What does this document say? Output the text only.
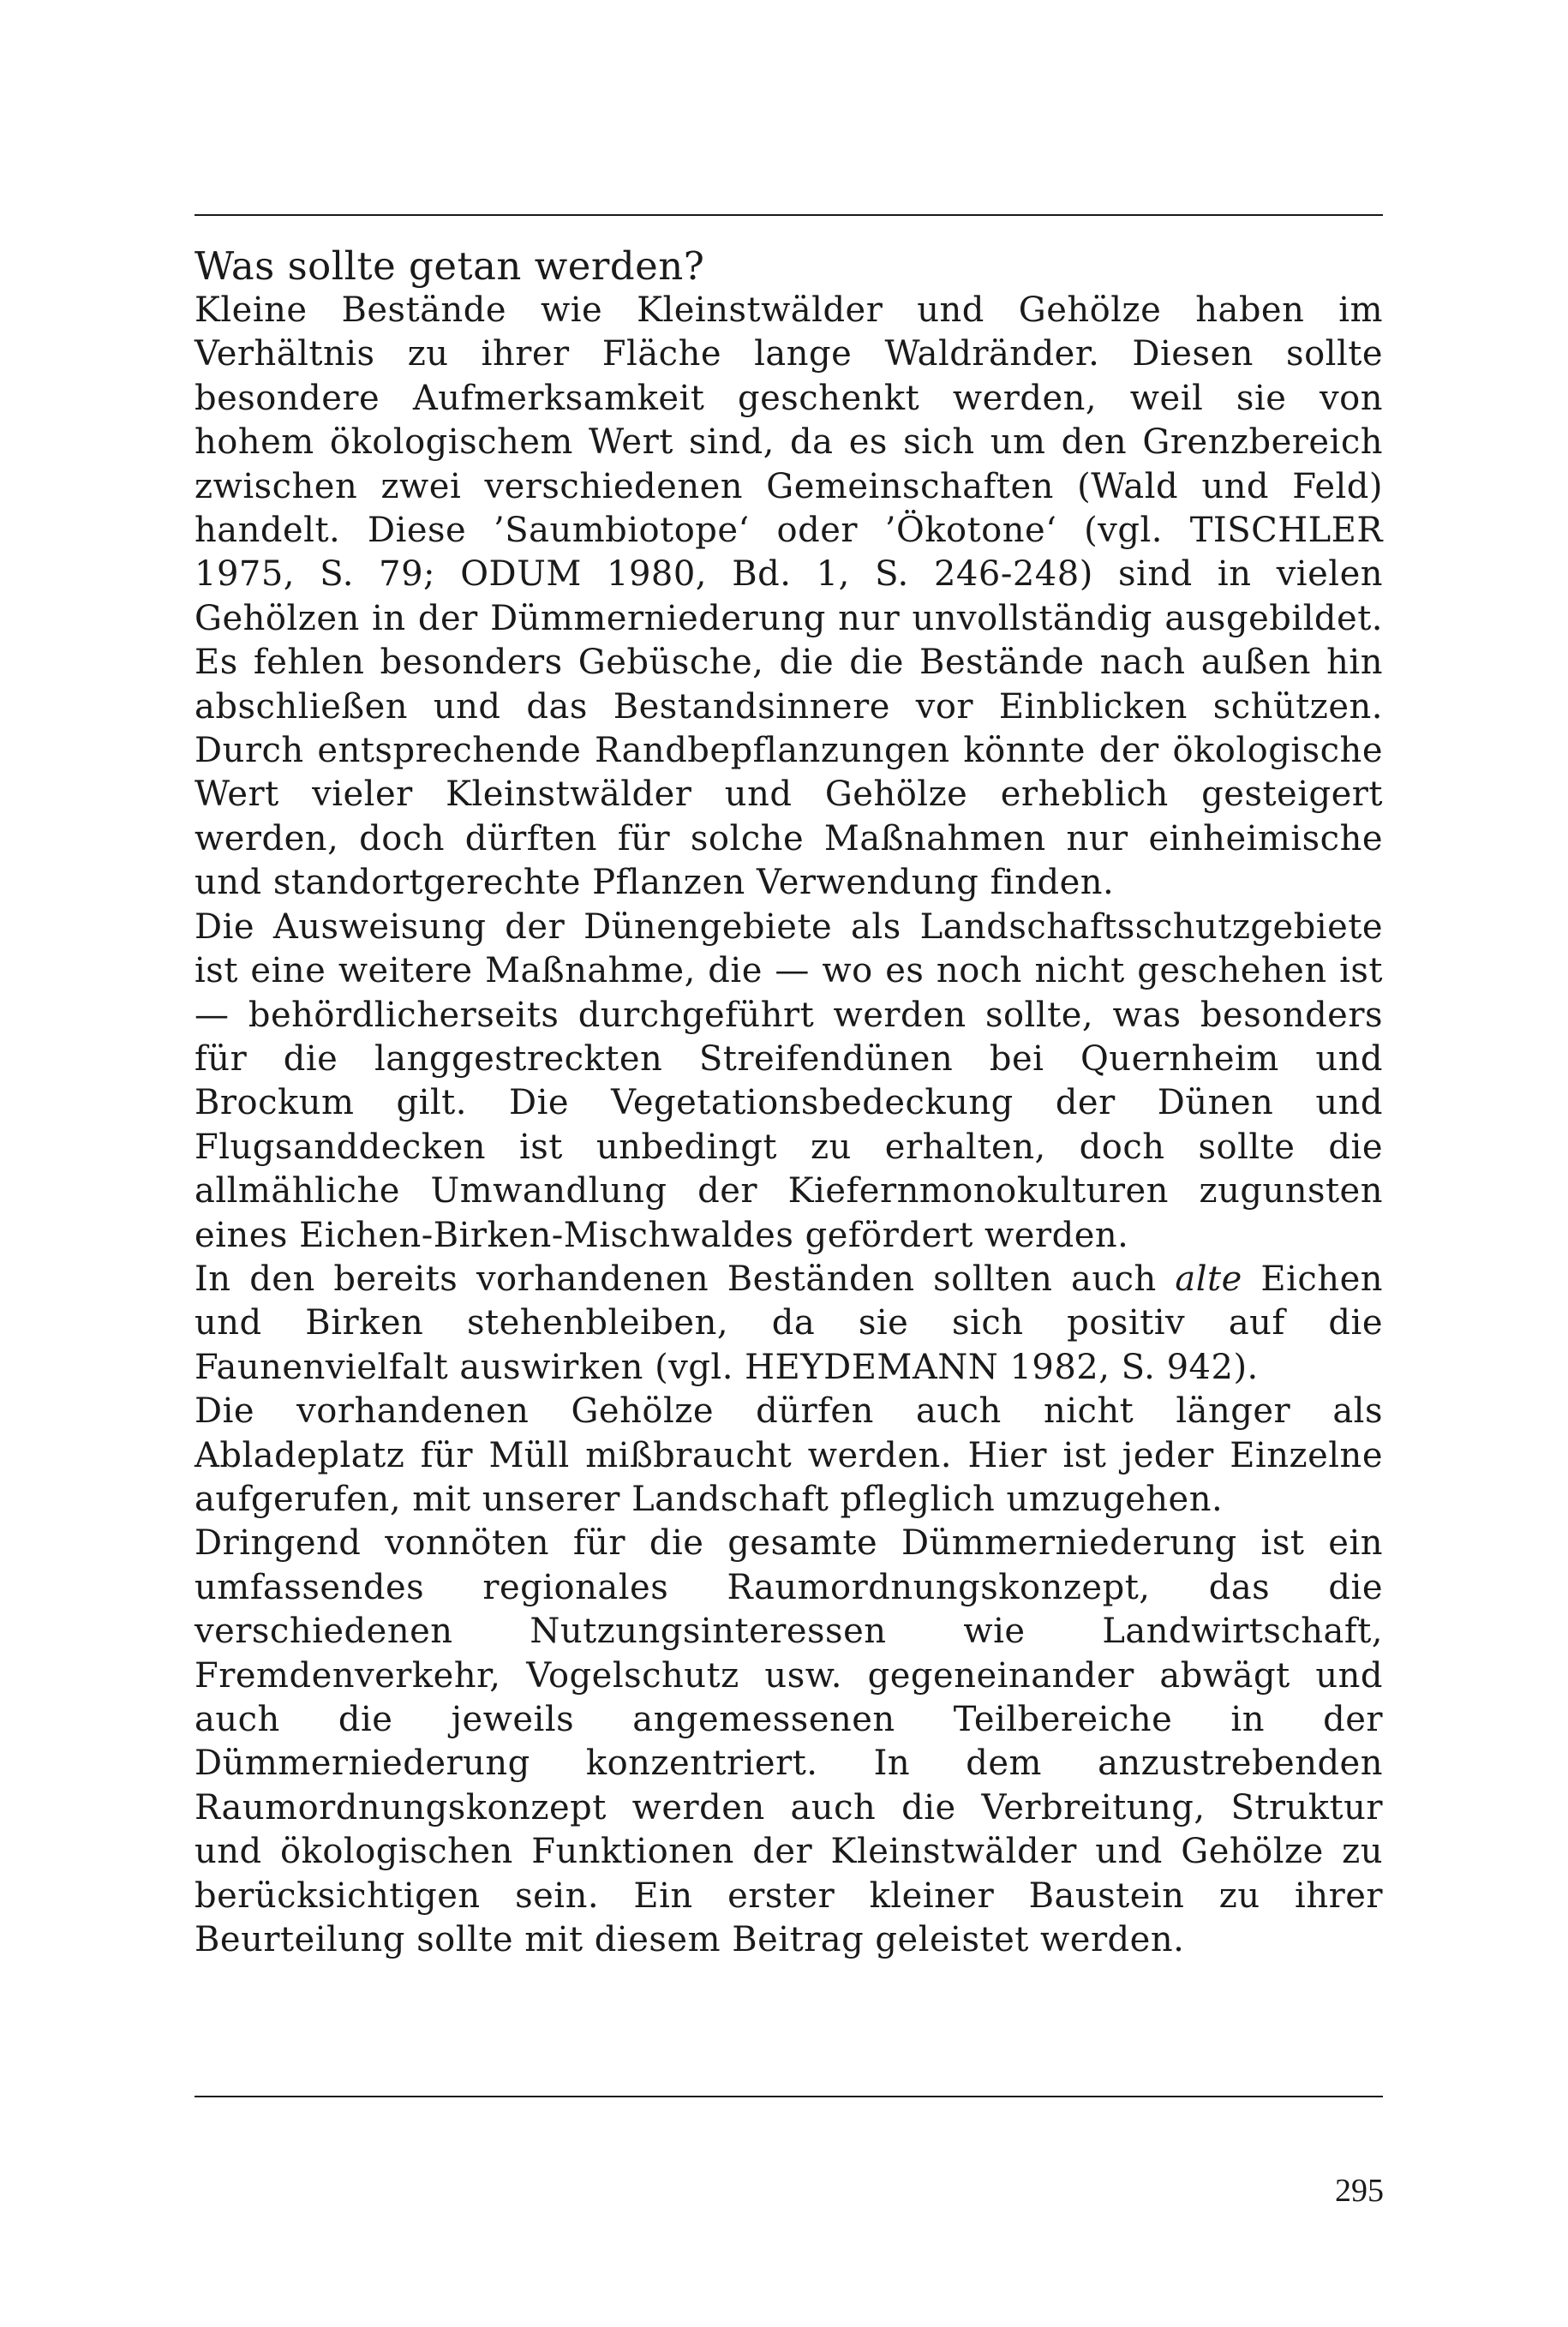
Was sollte getan werden?

Kleine Bestände wie Kleinstwälder und Gehölze haben im Verhältnis zu ihrer Fläche lange Waldränder. Diesen sollte besondere Aufmerksamkeit geschenkt werden, weil sie von hohem ökologischem Wert sind, da es sich um den Grenzbereich zwischen zwei verschiedenen Gemeinschaften (Wald und Feld) handelt. Diese ’Saumbiotope‘ oder ’Ökotone‘ (vgl. TISCHLER 1975, S. 79; ODUM 1980, Bd. 1, S. 246-248) sind in vielen Gehölzen in der Dümmerniederung nur unvollständig ausgebildet. Es fehlen besonders Gebüsche, die die Bestände nach außen hin abschließen und das Bestandsinnere vor Einblicken schützen. Durch entsprechende Randbepflanzungen könnte der ökologische Wert vieler Kleinstwälder und Gehölze erheblich gesteigert werden, doch dürften für solche Maßnahmen nur einheimische und standortgerechte Pflanzen Verwendung finden.

Die Ausweisung der Dünengebiete als Landschaftsschutzgebiete ist eine weitere Maßnahme, die — wo es noch nicht geschehen ist — behördlicherseits durchgeführt werden sollte, was besonders für die langgestreckten Streifendünen bei Quernheim und Brockum gilt. Die Vegetationsbedeckung der Dünen und Flugsanddecken ist unbedingt zu erhalten, doch sollte die allmähliche Umwandlung der Kiefernmonokulturen zugunsten eines Eichen-Birken-Mischwaldes gefördert werden.

In den bereits vorhandenen Beständen sollten auch alte Eichen und Birken stehenbleiben, da sie sich positiv auf die Faunenvielfalt auswirken (vgl. HEYDEMANN 1982, S. 942).

Die vorhandenen Gehölze dürfen auch nicht länger als Abladeplatz für Müll mißbraucht werden. Hier ist jeder Einzelne aufgerufen, mit unserer Landschaft pfleglich umzugehen.

Dringend vonnöten für die gesamte Dümmerniederung ist ein umfassendes regionales Raumordnungskonzept, das die verschiedenen Nutzungsinteressen wie Landwirtschaft, Fremdenverkehr, Vogelschutz usw. gegeneinander abwägt und auch die jeweils angemessenen Teilbereiche in der Dümmerniederung konzentriert. In dem anzustrebenden Raumordnungskonzept werden auch die Verbreitung, Struktur und ökologischen Funktionen der Kleinstwälder und Gehölze zu berücksichtigen sein. Ein erster kleiner Baustein zu ihrer Beurteilung sollte mit diesem Beitrag geleistet werden.

295
